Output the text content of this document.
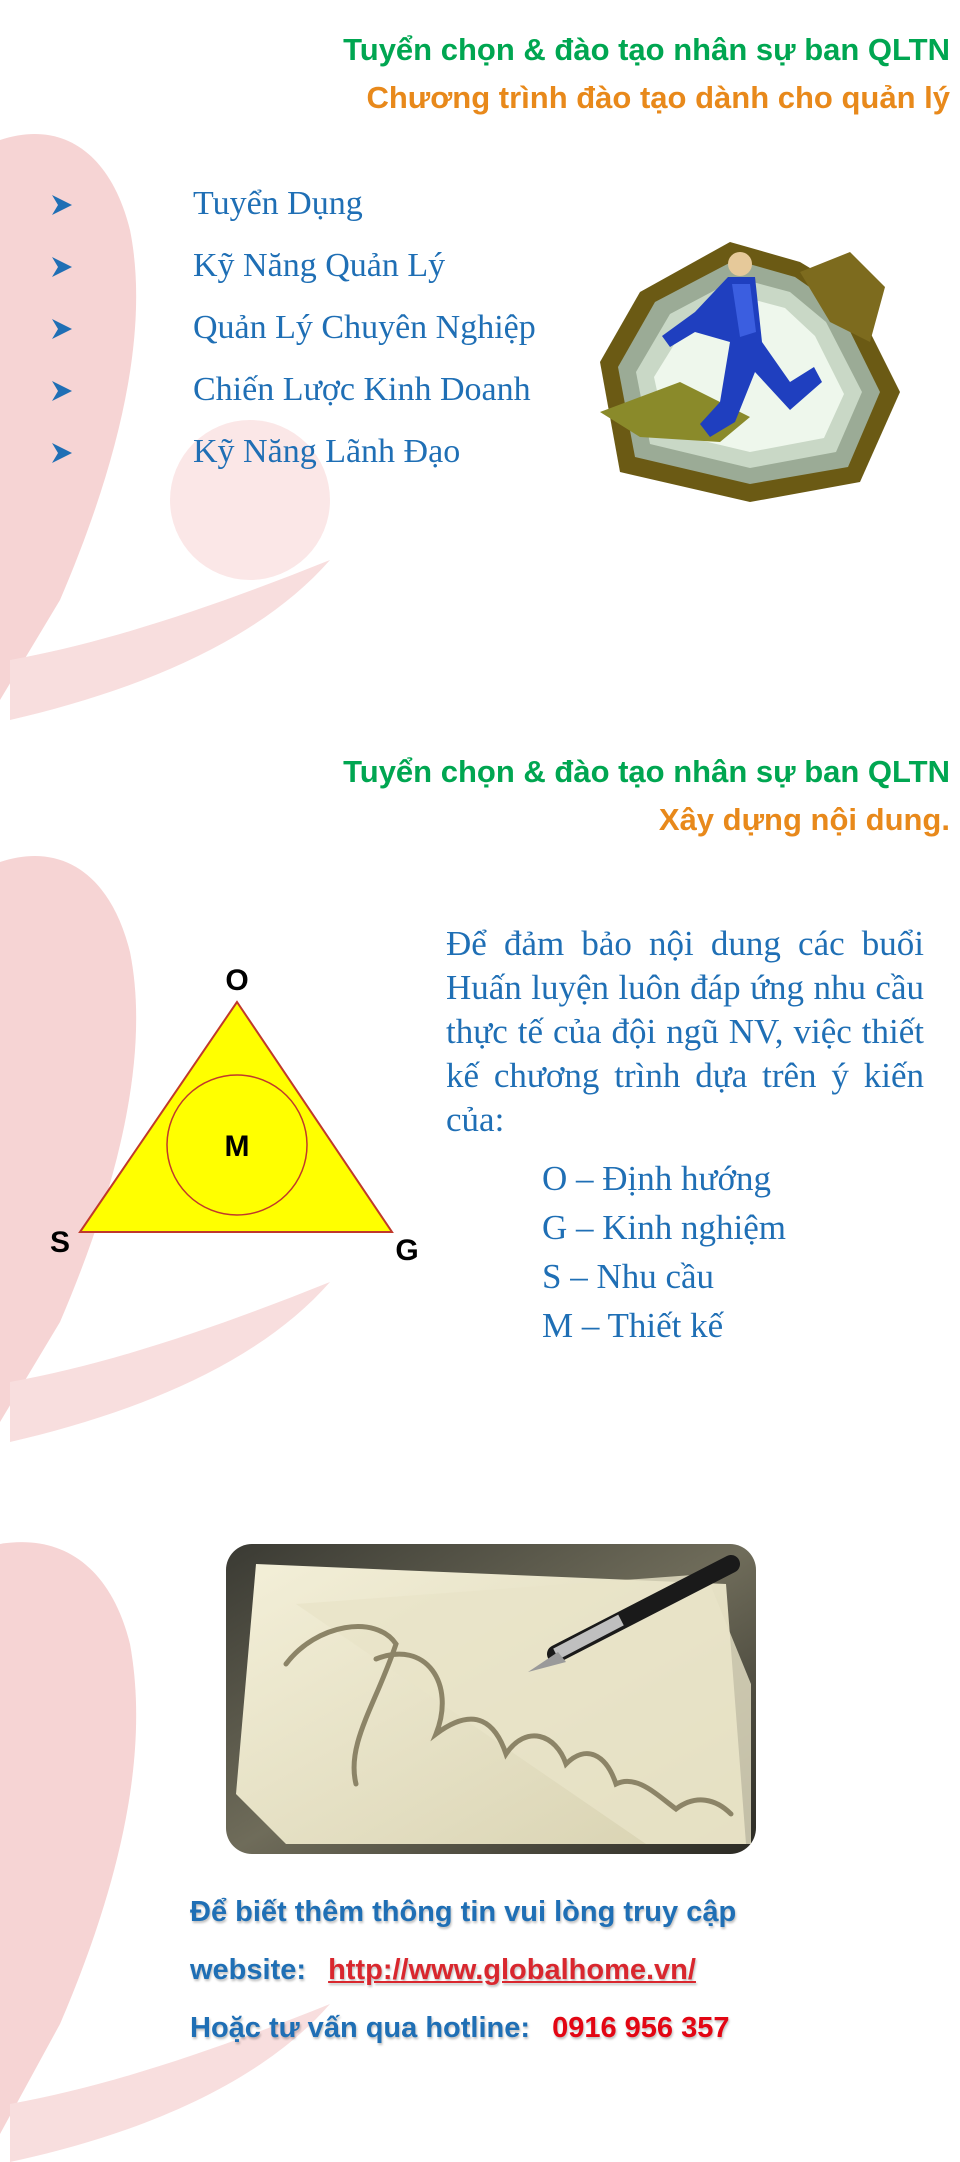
Tuyển chọn & đào tạo nhân sự ban QLTN
Chương trình đào tạo dành cho quản lý
Tuyển Dụng
Kỹ Năng Quản Lý
Quản Lý Chuyên Nghiệp
Chiến Lược Kinh Doanh
Kỹ Năng Lãnh Đạo
Tuyển chọn & đào tạo nhân sự ban QLTN
Xây dựng nội dung.
O
S	G
M

Để đảm bảo nội dung các buổi Huấn luyện luôn đáp ứng nhu cầu thực tế của đội ngũ NV, việc thiết kế chương trình dựa trên ý kiến của:

O – Định hướng
G – Kinh nghiệm
S – Nhu cầu
M – Thiết kế
Để biết thêm thông tin vui lòng truy cập
website: http://www.globalhome.vn/
Hoặc tư vấn qua hotline: 0916 956 357
